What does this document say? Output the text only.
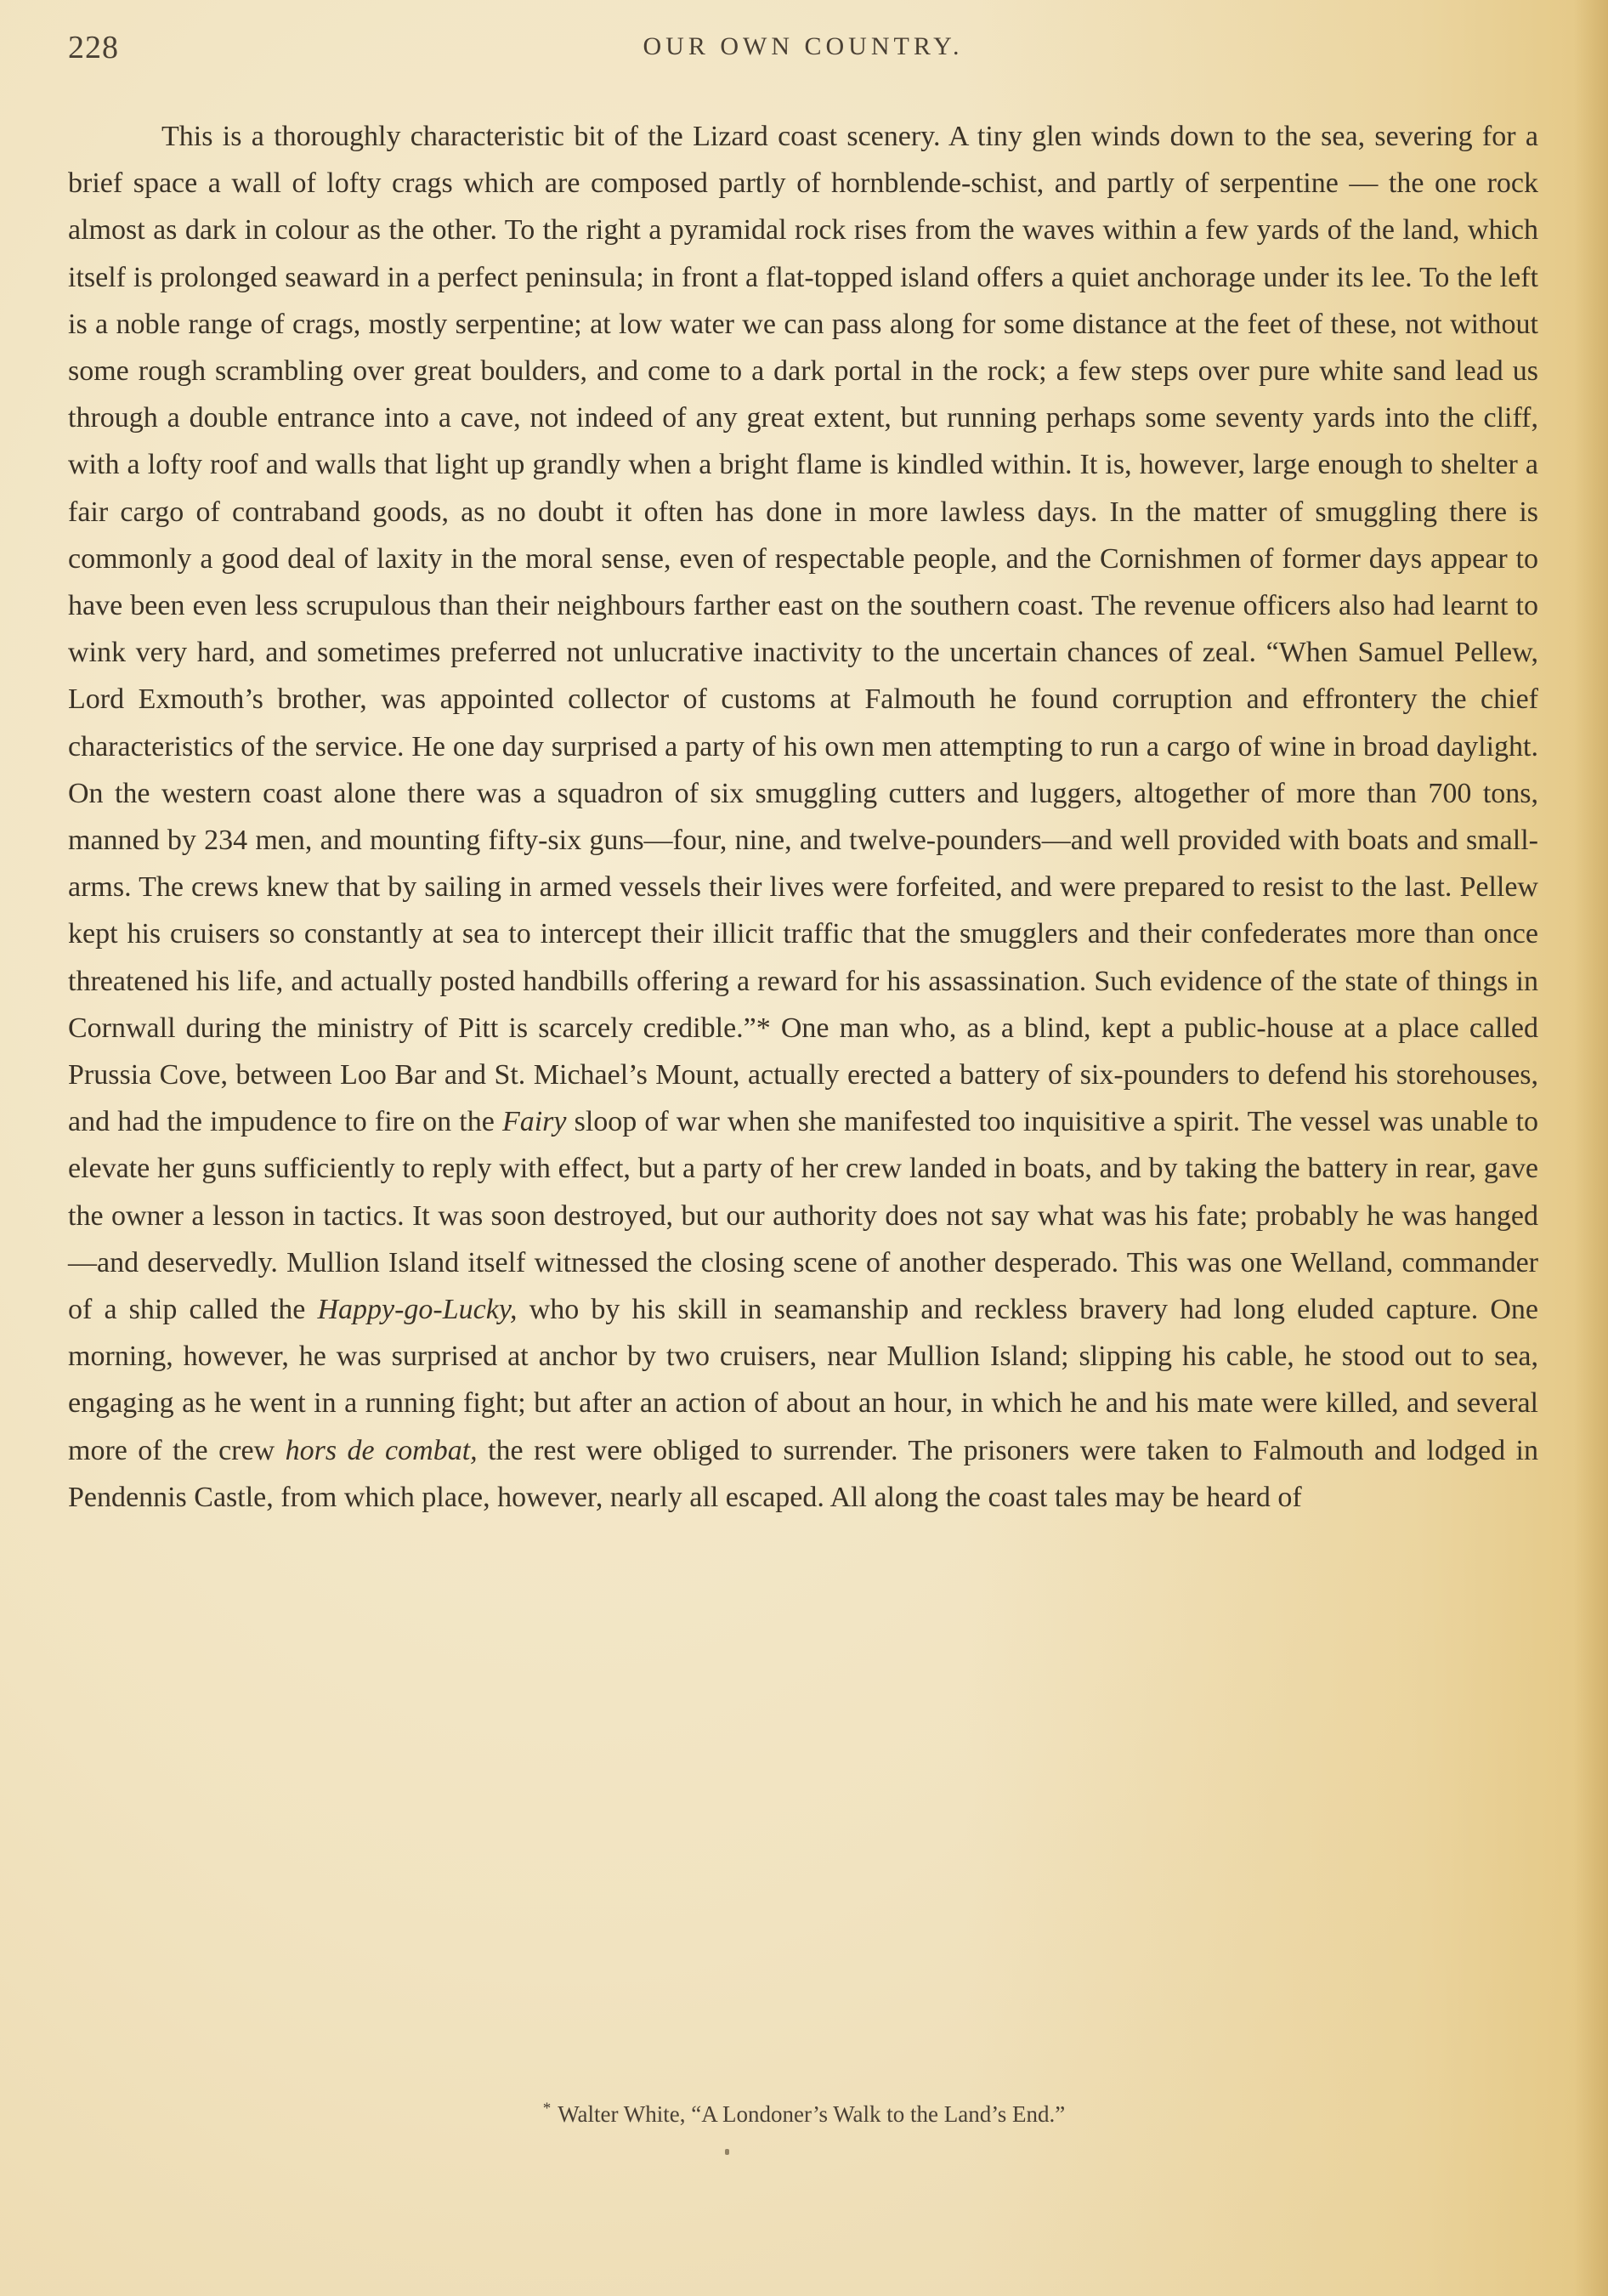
228	OUR OWN COUNTRY.

This is a thoroughly characteristic bit of the Lizard coast scenery. A tiny glen winds down to the sea, severing for a brief space a wall of lofty crags which are composed partly of hornblende-schist, and partly of serpentine — the one rock almost as dark in colour as the other. To the right a pyramidal rock rises from the waves within a few yards of the land, which itself is prolonged seaward in a perfect peninsula; in front a flat-topped island offers a quiet anchorage under its lee. To the left is a noble range of crags, mostly serpentine; at low water we can pass along for some distance at the feet of these, not without some rough scrambling over great boulders, and come to a dark portal in the rock; a few steps over pure white sand lead us through a double entrance into a cave, not indeed of any great extent, but running perhaps some seventy yards into the cliff, with a lofty roof and walls that light up grandly when a bright flame is kindled within. It is, however, large enough to shelter a fair cargo of contraband goods, as no doubt it often has done in more lawless days. In the matter of smuggling there is commonly a good deal of laxity in the moral sense, even of respectable people, and the Cornishmen of former days appear to have been even less scrupulous than their neighbours farther east on the southern coast. The revenue officers also had learnt to wink very hard, and sometimes preferred not unlucrative inactivity to the uncertain chances of zeal. “When Samuel Pellew, Lord Exmouth’s brother, was appointed collector of customs at Falmouth he found corruption and effrontery the chief characteristics of the service. He one day surprised a party of his own men attempting to run a cargo of wine in broad daylight. On the western coast alone there was a squadron of six smuggling cutters and luggers, altogether of more than 700 tons, manned by 234 men, and mounting fifty-six guns—four, nine, and twelve-pounders—and well provided with boats and small-arms. The crews knew that by sailing in armed vessels their lives were forfeited, and were prepared to resist to the last. Pellew kept his cruisers so constantly at sea to intercept their illicit traffic that the smugglers and their confederates more than once threatened his life, and actually posted handbills offering a reward for his assassination. Such evidence of the state of things in Cornwall during the ministry of Pitt is scarcely credible.”* One man who, as a blind, kept a public-house at a place called Prussia Cove, between Loo Bar and St. Michael’s Mount, actually erected a battery of six-pounders to defend his storehouses, and had the impudence to fire on the Fairy sloop of war when she manifested too inquisitive a spirit. The vessel was unable to elevate her guns sufficiently to reply with effect, but a party of her crew landed in boats, and by taking the battery in rear, gave the owner a lesson in tactics. It was soon destroyed, but our authority does not say what was his fate; probably he was hanged—and deservedly. Mullion Island itself witnessed the closing scene of another desperado. This was one Welland, commander of a ship called the Happy-go-Lucky, who by his skill in seamanship and reckless bravery had long eluded capture. One morning, however, he was surprised at anchor by two cruisers, near Mullion Island; slipping his cable, he stood out to sea, engaging as he went in a running fight; but after an action of about an hour, in which he and his mate were killed, and several more of the crew hors de combat, the rest were obliged to surrender. The prisoners were taken to Falmouth and lodged in Pendennis Castle, from which place, however, nearly all escaped. All along the coast tales may be heard of

* Walter White, “A Londoner’s Walk to the Land’s End.”
